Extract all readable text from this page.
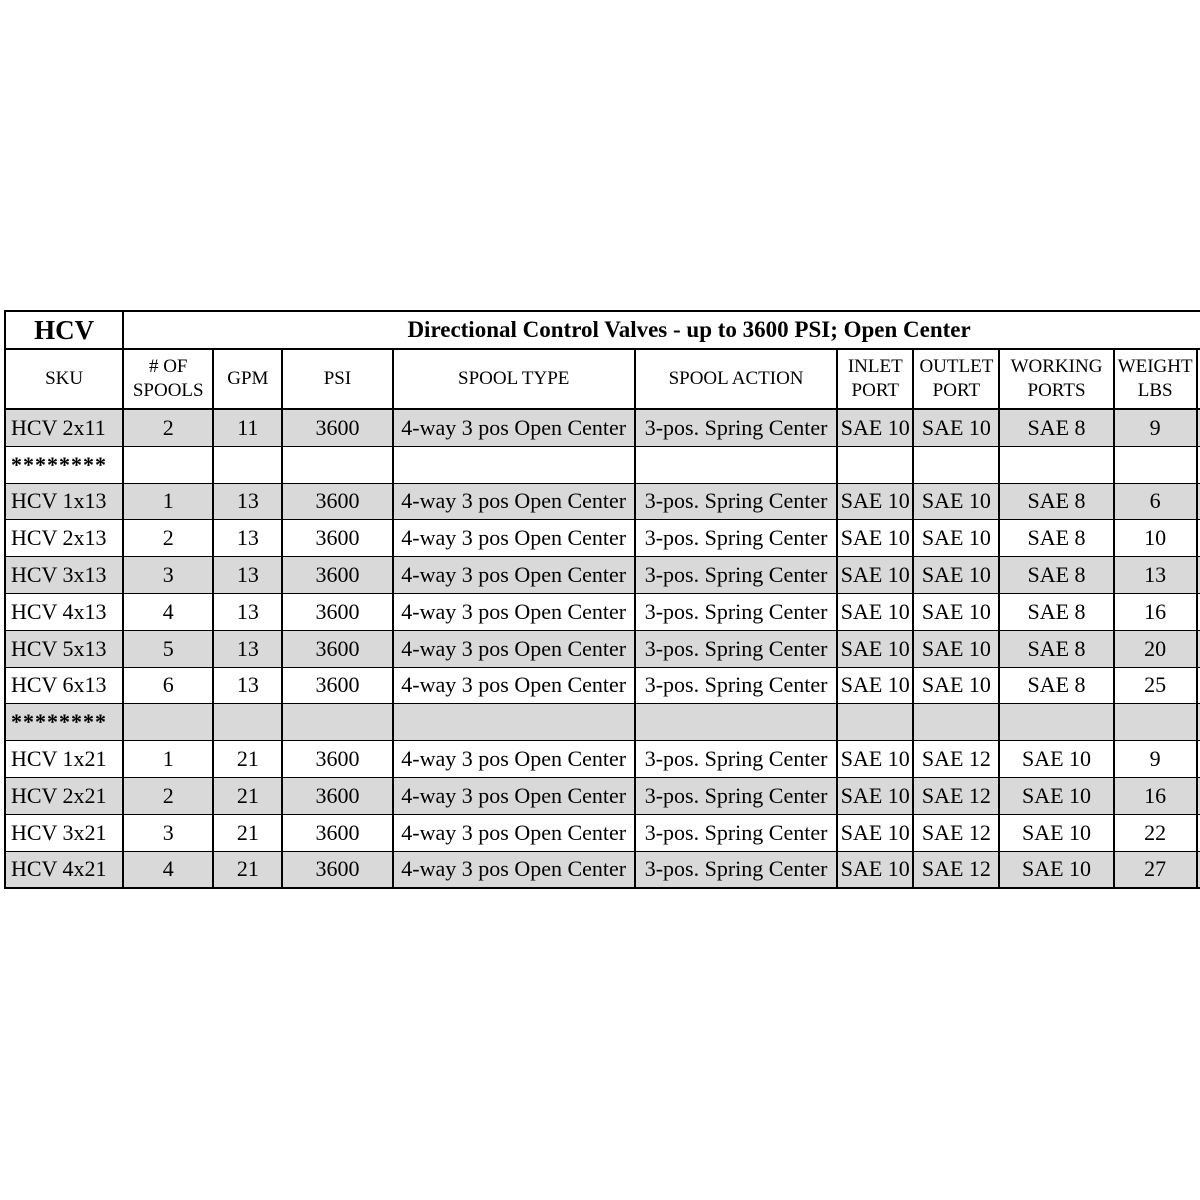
HCV	Directional Control Valves - up to 3600 PSI; Open Center									
SKU	# OF SPOOLS	GPM	PSI	SPOOL TYPE	SPOOL ACTION	INLET PORT	OUTLET PORT	WORKING PORTS	WEIGHT LBS	
HCV 2x11	2	11	3600	4-way 3 pos Open Center	3-pos. Spring Center	SAE 10	SAE 10	SAE 8	9	
********										
HCV 1x13	1	13	3600	4-way 3 pos Open Center	3-pos. Spring Center	SAE 10	SAE 10	SAE 8	6	
HCV 2x13	2	13	3600	4-way 3 pos Open Center	3-pos. Spring Center	SAE 10	SAE 10	SAE 8	10	
HCV 3x13	3	13	3600	4-way 3 pos Open Center	3-pos. Spring Center	SAE 10	SAE 10	SAE 8	13	
HCV 4x13	4	13	3600	4-way 3 pos Open Center	3-pos. Spring Center	SAE 10	SAE 10	SAE 8	16	
HCV 5x13	5	13	3600	4-way 3 pos Open Center	3-pos. Spring Center	SAE 10	SAE 10	SAE 8	20	
HCV 6x13	6	13	3600	4-way 3 pos Open Center	3-pos. Spring Center	SAE 10	SAE 10	SAE 8	25	
********										
HCV 1x21	1	21	3600	4-way 3 pos Open Center	3-pos. Spring Center	SAE 10	SAE 12	SAE 10	9	
HCV 2x21	2	21	3600	4-way 3 pos Open Center	3-pos. Spring Center	SAE 10	SAE 12	SAE 10	16	
HCV 3x21	3	21	3600	4-way 3 pos Open Center	3-pos. Spring Center	SAE 10	SAE 12	SAE 10	22	
HCV 4x21	4	21	3600	4-way 3 pos Open Center	3-pos. Spring Center	SAE 10	SAE 12	SAE 10	27	
